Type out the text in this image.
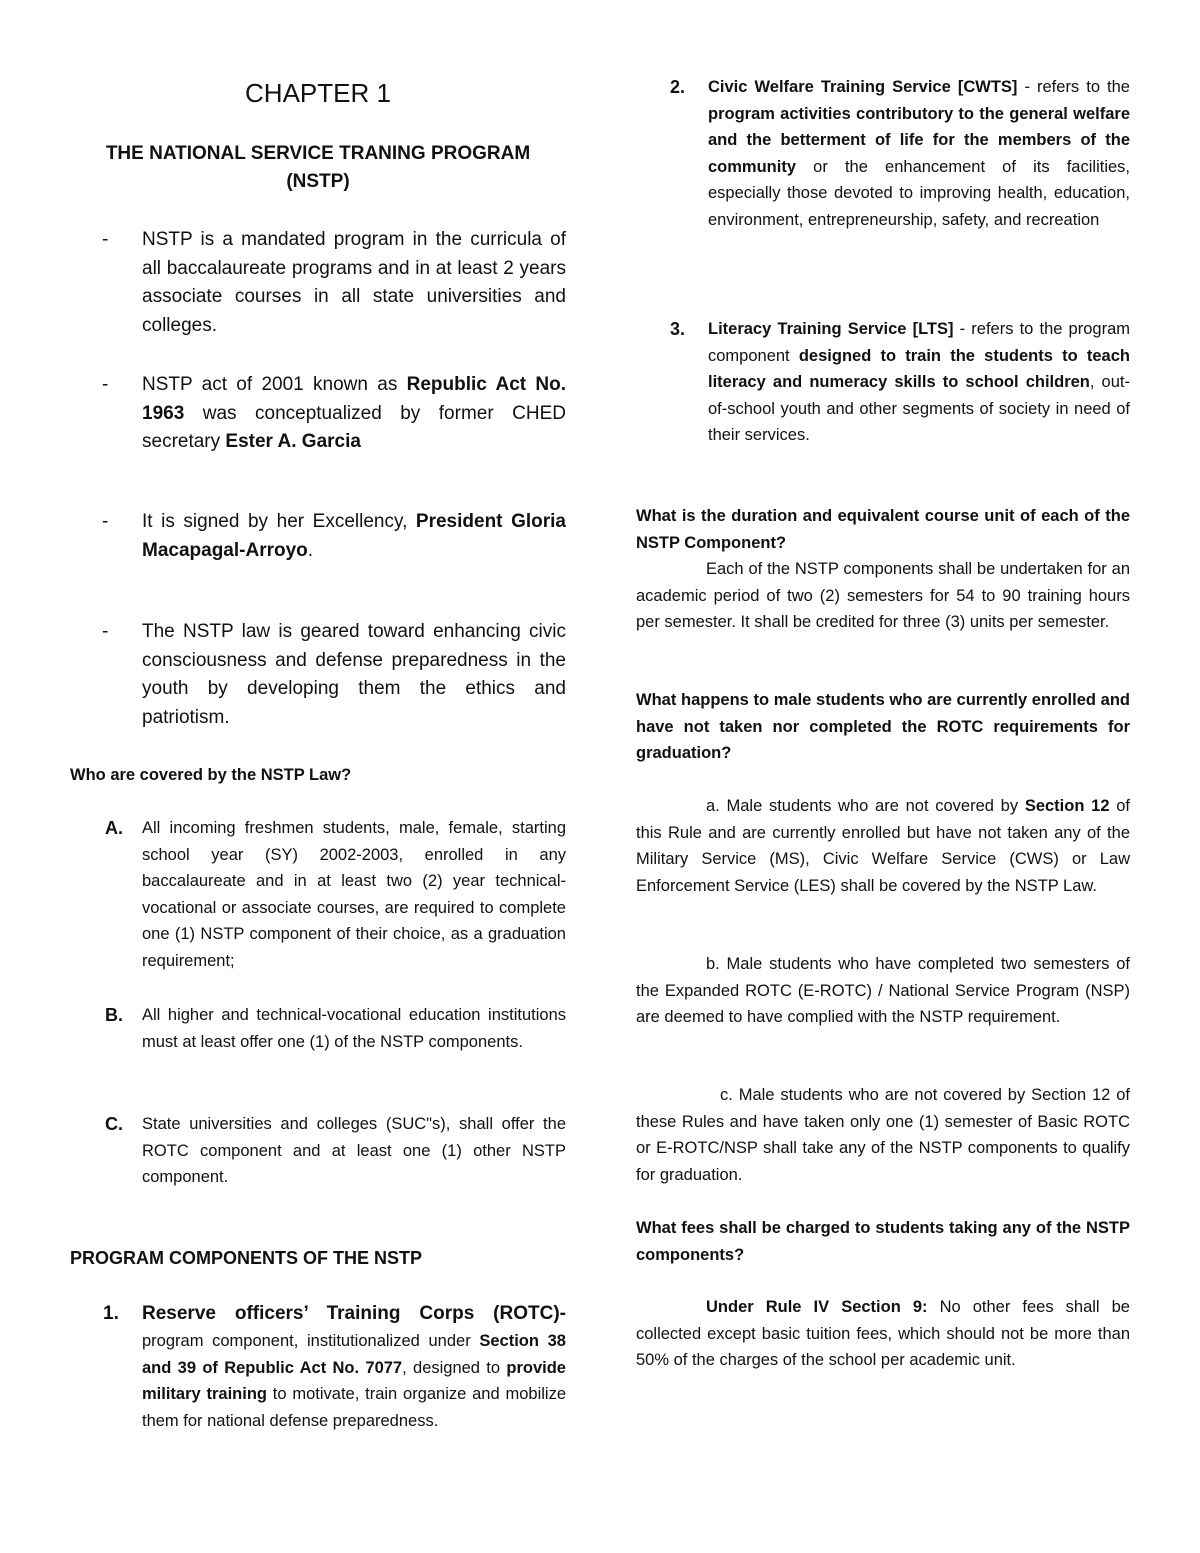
CHAPTER 1
THE NATIONAL SERVICE TRANING PROGRAM
(NSTP)
- NSTP is a mandated program in the curricula of all baccalaureate programs and in at least 2 years associate courses in all state universities and colleges.

- NSTP act of 2001 known as Republic Act No. 1963 was conceptualized by former CHED secretary Ester A. Garcia

- It is signed by her Excellency, President Gloria Macapagal-Arroyo.

- The NSTP law is geared toward enhancing civic consciousness and defense preparedness in the youth by developing them the ethics and patriotism.

Who are covered by the NSTP Law?
A. All incoming freshmen students, male, female, starting school year (SY) 2002-2003, enrolled in any baccalaureate and in at least two (2) year technical-vocational or associate courses, are required to complete one (1) NSTP component of their choice, as a graduation requirement;

B. All higher and technical-vocational education institutions must at least offer one (1) of the NSTP components.

C. State universities and colleges (SUC"s), shall offer the ROTC component and at least one (1) other NSTP component.

PROGRAM COMPONENTS OF THE NSTP
1. Reserve officers’ Training Corps (ROTC)- program component, institutionalized under Section 38 and 39 of Republic Act No. 7077, designed to provide military training to motivate, train organize and mobilize them for national defense preparedness.

2. Civic Welfare Training Service [CWTS] - refers to the program activities contributory to the general welfare and the betterment of life for the members of the community or the enhancement of its facilities, especially those devoted to improving health, education, environment, entrepreneurship, safety, and recreation

3. Literacy Training Service [LTS] - refers to the program component designed to train the students to teach literacy and numeracy skills to school children, out-of-school youth and other segments of society in need of their services.

What is the duration and equivalent course unit of each of the NSTP Component?

Each of the NSTP components shall be undertaken for an academic period of two (2) semesters for 54 to 90 training hours per semester. It shall be credited for three (3) units per semester.

What happens to male students who are currently enrolled and have not taken nor completed the ROTC requirements for graduation?

a. Male students who are not covered by Section 12 of this Rule and are currently enrolled but have not taken any of the Military Service (MS), Civic Welfare Service (CWS) or Law Enforcement Service (LES) shall be covered by the NSTP Law.

b. Male students who have completed two semesters of the Expanded ROTC (E-ROTC) / National Service Program (NSP) are deemed to have complied with the NSTP requirement.

c. Male students who are not covered by Section 12 of these Rules and have taken only one (1) semester of Basic ROTC or E-ROTC/NSP shall take any of the NSTP components to qualify for graduation.

What fees shall be charged to students taking any of the NSTP components?

Under Rule IV Section 9: No other fees shall be collected except basic tuition fees, which should not be more than 50% of the charges of the school per academic unit.
